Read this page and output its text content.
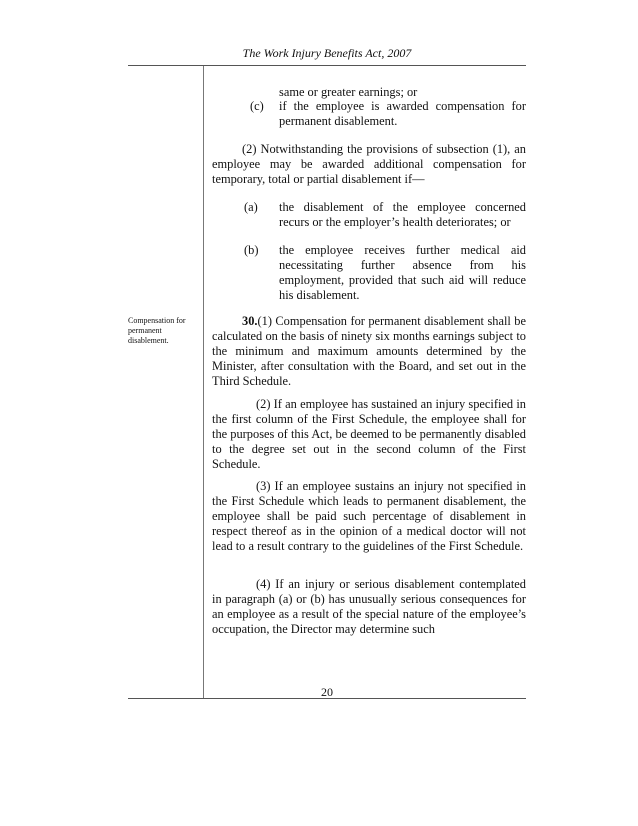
The Work Injury Benefits Act, 2007
same or greater earnings; or
(c) if the employee is awarded compensation for permanent disablement.

(2) Notwithstanding the provisions of subsection (1), an employee may be awarded additional compensation for temporary, total or partial disablement if—

(a) the disablement of the employee concerned recurs or the employer’s health deteriorates; or
(b) the employee receives further medical aid necessitating further absence from his employment, provided that such aid will reduce his disablement.
Compensation for permanent disablement.

30.(1) Compensation for permanent disablement shall be calculated on the basis of ninety six months earnings subject to the minimum and maximum amounts determined by the Minister, after consultation with the Board, and set out in the Third Schedule.

(2) If an employee has sustained an injury specified in the first column of the First Schedule, the employee shall for the purposes of this Act, be deemed to be permanently disabled to the degree set out in the second column of the First Schedule.

(3) If an employee sustains an injury not specified in the First Schedule which leads to permanent disablement, the employee shall be paid such percentage of disablement in respect thereof as in the opinion of a medical doctor will not lead to a result contrary to the guidelines of the First Schedule.

(4) If an injury or serious disablement contemplated in paragraph (a) or (b) has unusually serious consequences for an employee as a result of the special nature of the employee’s occupation, the Director may determine such

20
